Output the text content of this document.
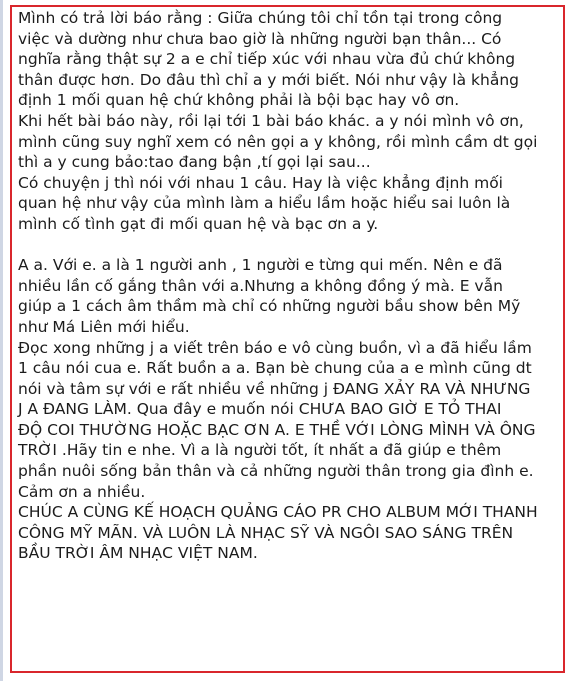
Mình có trả lời báo rằng : Giữa chúng tôi chỉ tồn tại trong công
việc và dường như chưa bao giờ là những người bạn thân... Có
nghĩa rằng thật sự 2 a e chỉ tiếp xúc với nhau vừa đủ chứ không
thân được hơn. Do đâu thì chỉ a y mới biết. Nói như vậy là khẳng
định 1 mối quan hệ chứ không phải là bội bạc hay vô ơn.
Khi hết bài báo này, rồi lại tới 1 bài báo khác. a y nói mình vô ơn,
mình cũng suy nghĩ xem có nên gọi a y không, rồi mình cầm dt gọi
thì a y cung bảo:tao đang bận ,tí gọi lại sau...
Có chuyện j thì nói với nhau 1 câu. Hay là việc khẳng định mối
quan hệ như vậy của mình làm a hiểu lầm hoặc hiểu sai luôn là
mình cố tình gạt đi mối quan hệ và bạc ơn a y.
A a. Với e. a là 1 người anh , 1 người e từng qui mến. Nên e đã
nhiều lần cố gắng thân với a.Nhưng a không đồng ý mà. E vẫn
giúp a 1 cách âm thầm mà chỉ có những người bầu show bên Mỹ
như Má Liên mới hiểu.
Đọc xong những j a viết trên báo e vô cùng buồn, vì a đã hiểu lầm
1 câu nói cua e. Rất buồn a a. Bạn bè chung của a e mình cũng dt
nói và tâm sự với e rất nhiều về những j ĐANG XẢY RA VÀ NHƯNG
J A ĐANG LÀM. Qua đây e muốn nói CHƯA BAO GIỜ E TỎ THAI
ĐỘ COI THƯỜNG HOẶC BẠC ƠN A. E THỀ VỚI LÒNG MÌNH VÀ ÔNG
TRỜI .Hãy tin e nhe. Vì a là người tốt, ít nhất a đã giúp e thêm
phần nuôi sống bản thân và cả những người thân trong gia đình e.
Cảm ơn a nhiều.
CHÚC A CÙNG KẾ HOẠCH QUẢNG CÁO PR CHO ALBUM MỚI THANH
CÔNG MỸ MÃN. VÀ LUÔN LÀ NHẠC SỸ VÀ NGÔI SAO SÁNG TRÊN
BẦU TRỜI ÂM NHẠC VIỆT NAM.
